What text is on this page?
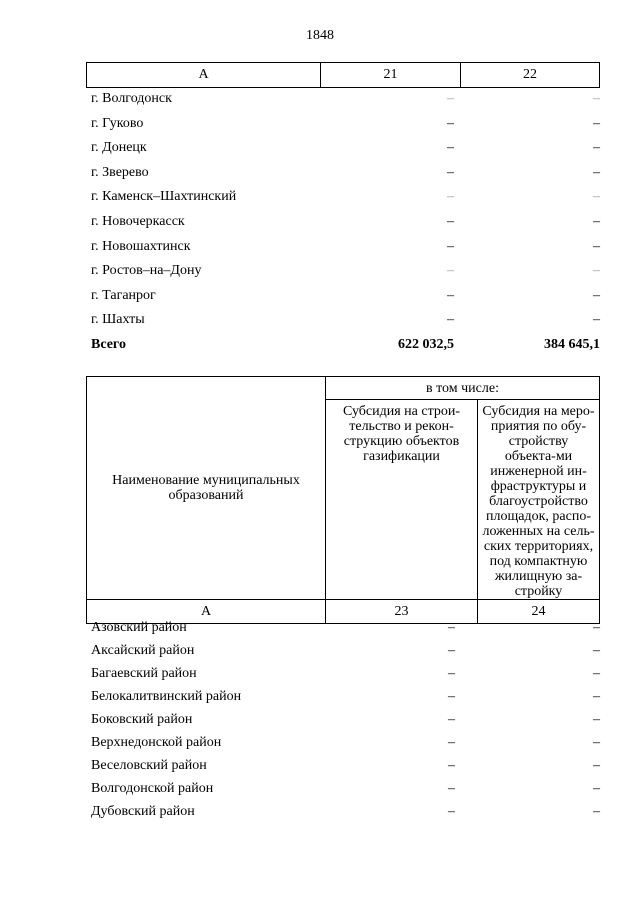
1848
А	21	22
г. Волгодонск	–	–
г. Гуково	–	–
г. Донецк	–	–
г. Зверево	–	–
г. Каменск–Шахтинский	–	–
г. Новочеркасск	–	–
г. Новошахтинск	–	–
г. Ростов–на–Дону	–	–
г. Таганрог	–	–
г. Шахты	–	–
Всего	622 032,5	384 645,1
Наименование муниципальных образований	в том числе:	
	Субсидия на строи-тельство и рекон-струкцию объектов газификации	Субсидия на меро-приятия по обу-стройству объекта-ми инженерной ин-фраструктуры и благоустройство площадок, распо-ложенных на сель-ских территориях, под компактную жилищную за-стройку
А	23	24
Азовский район	–	–
Аксайский район	–	–
Багаевский район	–	–
Белокалитвинский район	–	–
Боковский район	–	–
Верхнедонской район	–	–
Веселовский район	–	–
Волгодонской район	–	–
Дубовский район	–	–
